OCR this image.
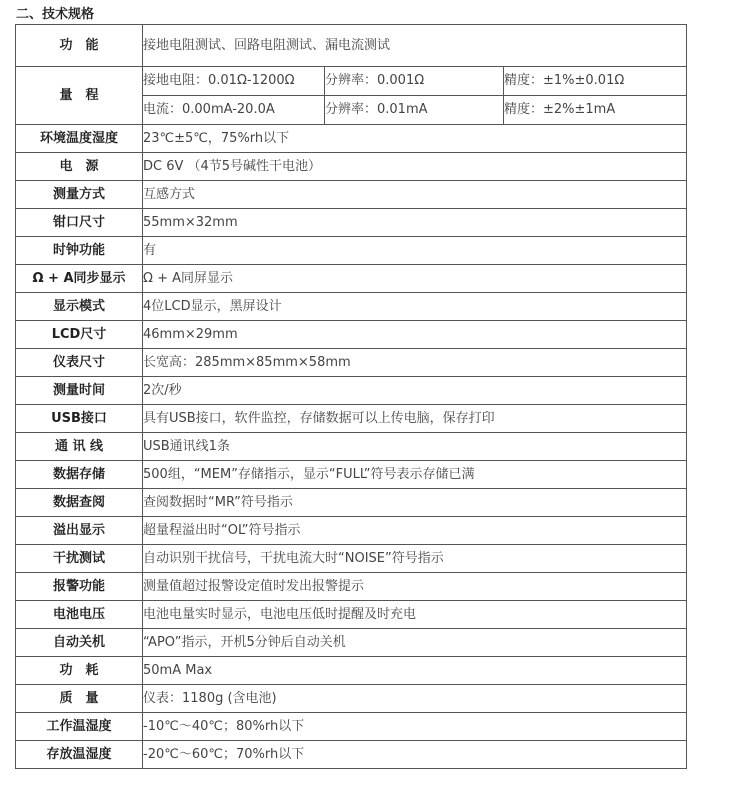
二、技术规格
功　能	接地电阻测试、回路电阻测试、漏电流测试		
量　程	接地电阻：0.01Ω-1200Ω	分辨率：0.001Ω	精度：±1%±0.01Ω
	电流：0.00mA-20.0A	分辨率：0.01mA	精度：±2%±1mA
环境温度湿度	23℃±5℃，75%rh以下		
电　源	DC 6V （4节5号碱性干电池）		
测量方式	互感方式		
钳口尺寸	55mm×32mm		
时钟功能	有		
Ω + A同步显示	Ω + A同屏显示		
显示模式	4位LCD显示，黑屏设计		
LCD尺寸	46mm×29mm		
仪表尺寸	长宽高：285mm×85mm×58mm		
测量时间	2次/秒		
USB接口	具有USB接口，软件监控，存储数据可以上传电脑，保存打印		
通 讯 线	USB通讯线1条		
数据存储	500组，“MEM”存储指示，显示“FULL”符号表示存储已满		
数据查阅	查阅数据时“MR”符号指示		
溢出显示	超量程溢出时“OL”符号指示		
干扰测试	自动识别干扰信号，干扰电流大时“NOISE”符号指示		
报警功能	测量值超过报警设定值时发出报警提示		
电池电压	电池电量实时显示，电池电压低时提醒及时充电		
自动关机	“APO”指示，开机5分钟后自动关机		
功　耗	50mA Max		
质　量	仪表：1180g (含电池)		
工作温湿度	-10℃～40℃；80%rh以下		
存放温湿度	-20℃～60℃；70%rh以下		
